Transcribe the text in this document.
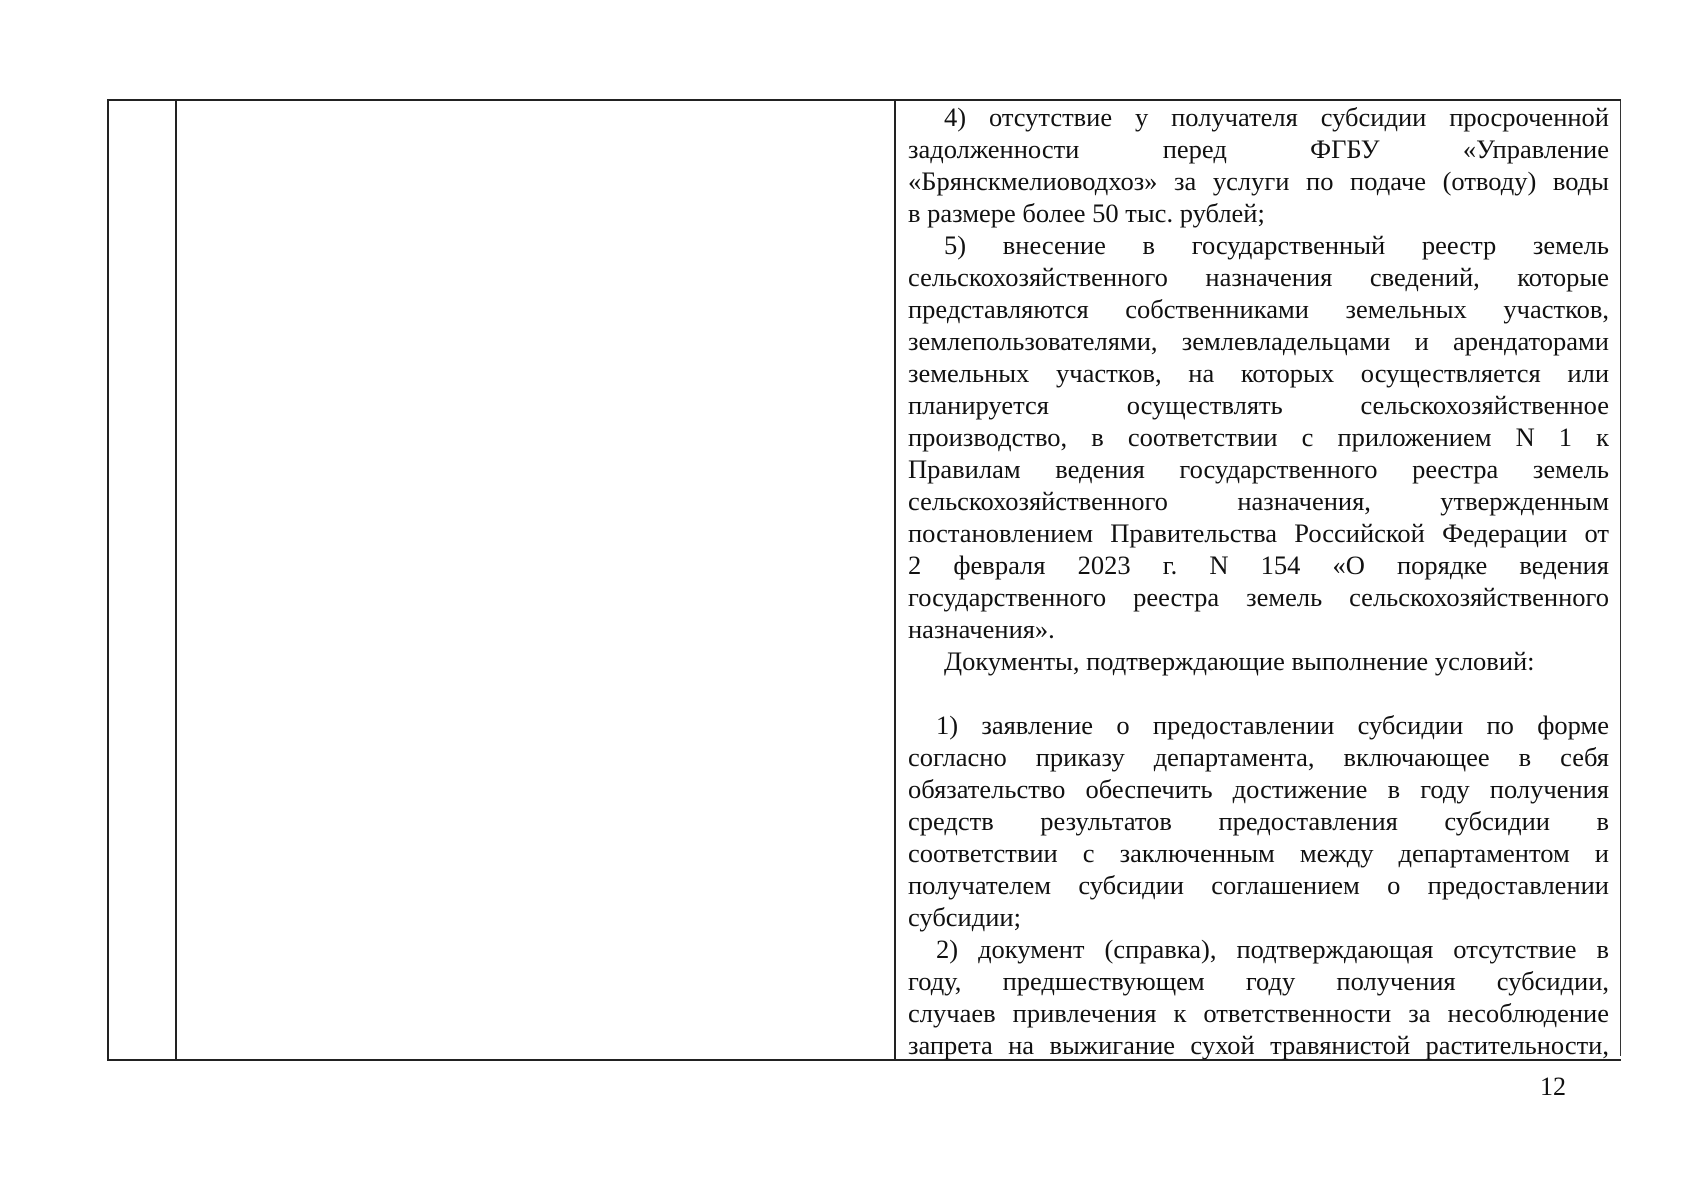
4) отсутствие у получателя субсидии просроченной
задолженности перед ФГБУ «Управление
«Брянскмелиоводхоз» за услуги по подаче (отводу) воды
в размере более 50 тыс. рублей;
5) внесение в государственный реестр земель
сельскохозяйственного назначения сведений, которые
представляются собственниками земельных участков,
землепользователями, землевладельцами и арендаторами
земельных участков, на которых осуществляется или
планируется осуществлять сельскохозяйственное
производство, в соответствии с приложением N 1 к
Правилам ведения государственного реестра земель
сельскохозяйственного назначения, утвержденным
постановлением Правительства Российской Федерации от
2 февраля 2023 г. N 154 «О порядке ведения
государственного реестра земель сельскохозяйственного
назначения».
Документы, подтверждающие выполнение условий:
1) заявление о предоставлении субсидии по форме
согласно приказу департамента, включающее в себя
обязательство обеспечить достижение в году получения
средств результатов предоставления субсидии в
соответствии с заключенным между департаментом и
получателем субсидии соглашением о предоставлении
субсидии;
2) документ (справка), подтверждающая отсутствие в
году, предшествующем году получения субсидии,
случаев привлечения к ответственности за несоблюдение
запрета на выжигание сухой травянистой растительности,
12
